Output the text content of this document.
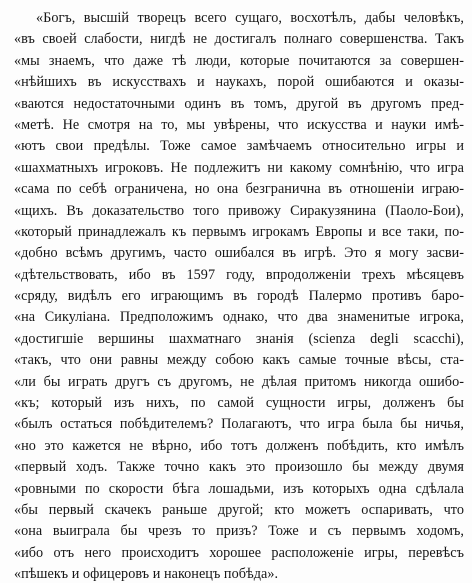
«Богъ, высшiй творецъ всего сущаго, восхотѣлъ, дабы человѣкъ,
«въ своей слабости, нигдѣ не достигалъ полнаго совершенства. Такъ
«мы знаемъ, что даже тѣ люди, которые почитаются за совершен-
«нѣйшихъ въ искусствахъ и наукахъ, порой ошибаются и оказы-
«ваются недостаточными одинъ въ томъ, другой въ другомъ пред-
«метѣ. Не смотря на то, мы увѣрены, что искусства и науки имѣ-
«ютъ свои предѣлы. Тоже самое замѣчаемъ относительно игры и
«шахматныхъ игроковъ. Не подлежитъ ни какому сомнѣнiю, что игра
«сама по себѣ ограничена, но она безгранична въ отношенiи играю-
«щихъ. Въ доказательство того привожу Сиракузянина (Паоло-Бои),
«который принадлежалъ къ первымъ игрокамъ Европы и все таки, по-
«добно всѣмъ другимъ, часто ошибался въ игрѣ. Это я могу засви-
«дѣтельствовать, ибо въ 1597 году, впродолженiи трехъ мѣсяцевъ
«сряду, видѣлъ его играющимъ въ городѣ Палермо противъ баро-
«на Сикулiана. Предположимъ однако, что два знаменитые игрока,
«достигшiе вершины шахматнаго знанiя (scienza degli scacchi),
«такъ, что они равны между собою какъ самые точные вѣсы, ста-
«ли бы играть другъ съ другомъ, не дѣлая притомъ никогда ошибо-
«къ; который изъ нихъ, по самой сущности игры, долженъ бы
«былъ остаться побѣдителемъ? Полагаютъ, что игра была бы ничья,
«но это кажется не вѣрно, ибо тотъ долженъ побѣдить, кто имѣлъ
«первый ходъ. Также точно какъ это произошло бы между двумя
«ровными по скорости бѣга лошадьми, изъ которыхъ одна сдѣлала
«бы первый скачекъ раньше другой; кто можетъ оспаривать, что
«она выиграла бы чрезъ то призъ? Тоже и съ первымъ ходомъ,
«ибо отъ него происходитъ хорошее расположенiе игры, перевѣсъ
«пѣшекъ и офицеровъ и наконецъ побѣда».
